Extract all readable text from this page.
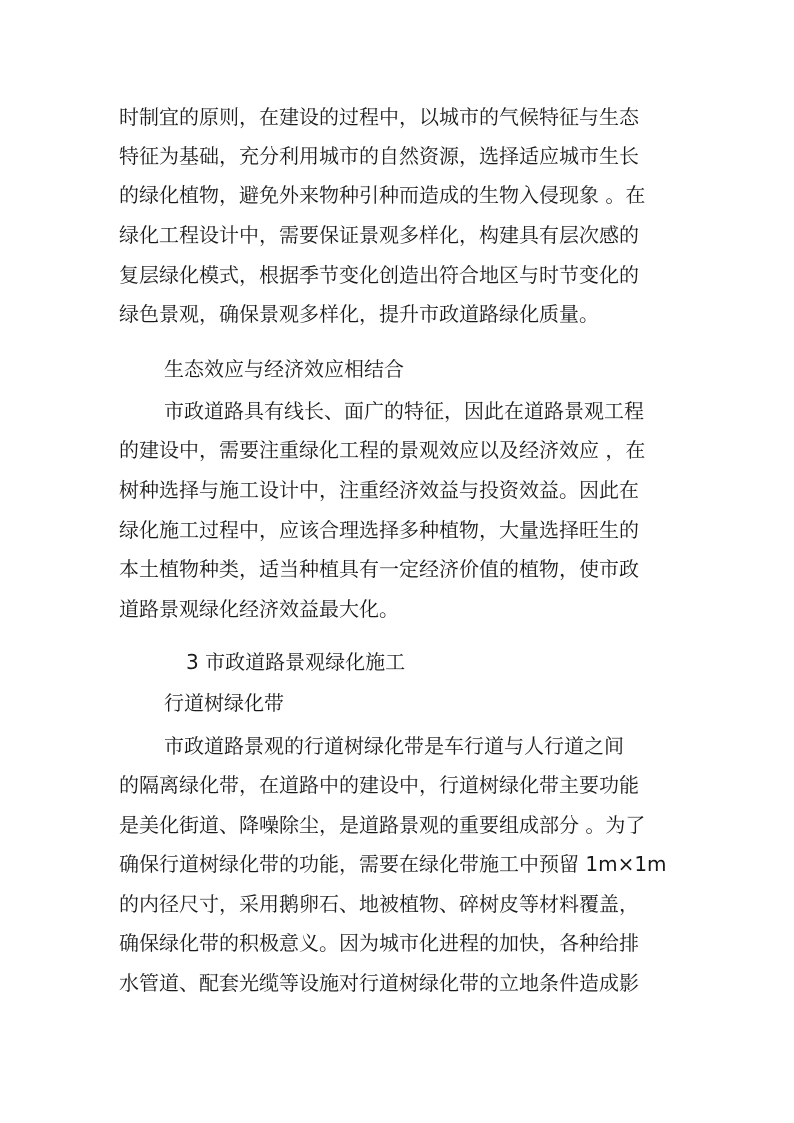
时制宜的原则，在建设的过程中，以城市的气候特征与生态
特征为基础，充分利用城市的自然资源，选择适应城市生长
的绿化植物，避免外来物种引种而造成的生物入侵现象 。在
绿化工程设计中，需要保证景观多样化，构建具有层次感的
复层绿化模式，根据季节变化创造出符合地区与时节变化的
绿色景观，确保景观多样化，提升市政道路绿化质量。
生态效应与经济效应相结合
市政道路具有线长、面广的特征，因此在道路景观工程
的建设中，需要注重绿化工程的景观效应以及经济效应 ，在
树种选择与施工设计中，注重经济效益与投资效益。因此在
绿化施工过程中，应该合理选择多种植物，大量选择旺生的
本土植物种类，适当种植具有一定经济价值的植物，使市政
道路景观绿化经济效益最大化。
3 市政道路景观绿化施工
行道树绿化带
市政道路景观的行道树绿化带是车行道与人行道之间
的隔离绿化带，在道路中的建设中，行道树绿化带主要功能
是美化街道、降噪除尘，是道路景观的重要组成部分 。为了
确保行道树绿化带的功能，需要在绿化带施工中预留 1m×1m
的内径尺寸，采用鹅卵石、地被植物、碎树皮等材料覆盖，
确保绿化带的积极意义。因为城市化进程的加快，各种给排
水管道、配套光缆等设施对行道树绿化带的立地条件造成影
